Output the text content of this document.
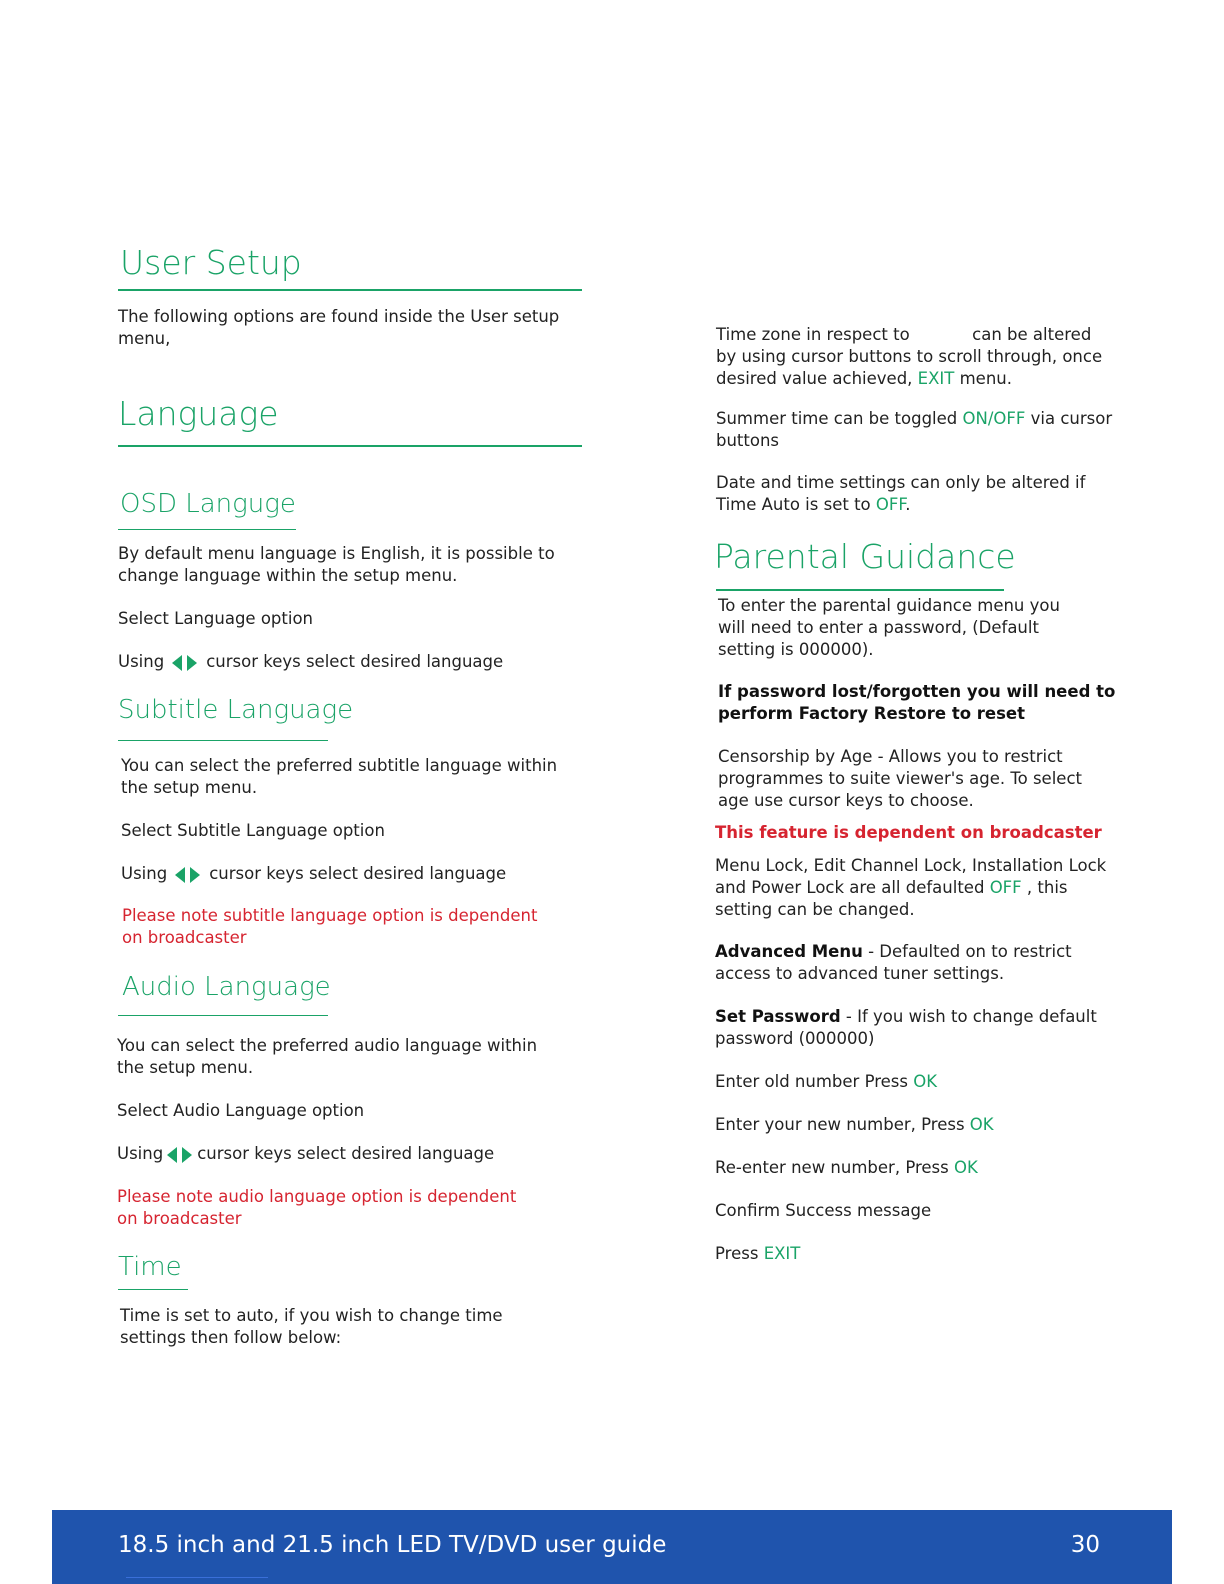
User Setup
The following options are found inside the User setup menu,
Language
OSD Languge
By default menu language is English, it is possible to change language within the setup menu.
Select Language option
Using	cursor keys select desired language
Subtitle Language
You can select the preferred subtitle language within the setup menu.
Select Subtitle Language option
Using	cursor keys select desired language
Please note subtitle language option is dependent on broadcaster
Audio Language
You can select the preferred audio language within the setup menu.
Select Audio Language option
Using cursor keys select desired language
Please note audio language option is dependent on broadcaster
Time
Time is set to auto, if you wish to change time settings then follow below:
Time zone in respect to	can be altered by using cursor buttons to scroll through, once desired value achieved, EXIT menu.
Summer time can be toggled ON/OFF via cursor buttons
Date and time settings can only be altered if Time Auto is set to OFF.
Parental Guidance
To enter the parental guidance menu you will need to enter a password, (Default setting is 000000).
If password lost/forgotten you will need to perform Factory Restore to reset
Censorship by Age - Allows you to restrict programmes to suite viewer's age. To select age use cursor keys to choose.
This feature is dependent on broadcaster
Menu Lock, Edit Channel Lock, Installation Lock and Power Lock are all defaulted OFF , this setting can be changed.
Advanced Menu - Defaulted on to restrict access to advanced tuner settings.
Set Password - If you wish to change default password (000000)
Enter old number Press OK
Enter your new number, Press OK
Re-enter new number, Press OK
Confirm Success message
Press EXIT
18.5 inch and 21.5 inch LED TV/DVD user guide	30
